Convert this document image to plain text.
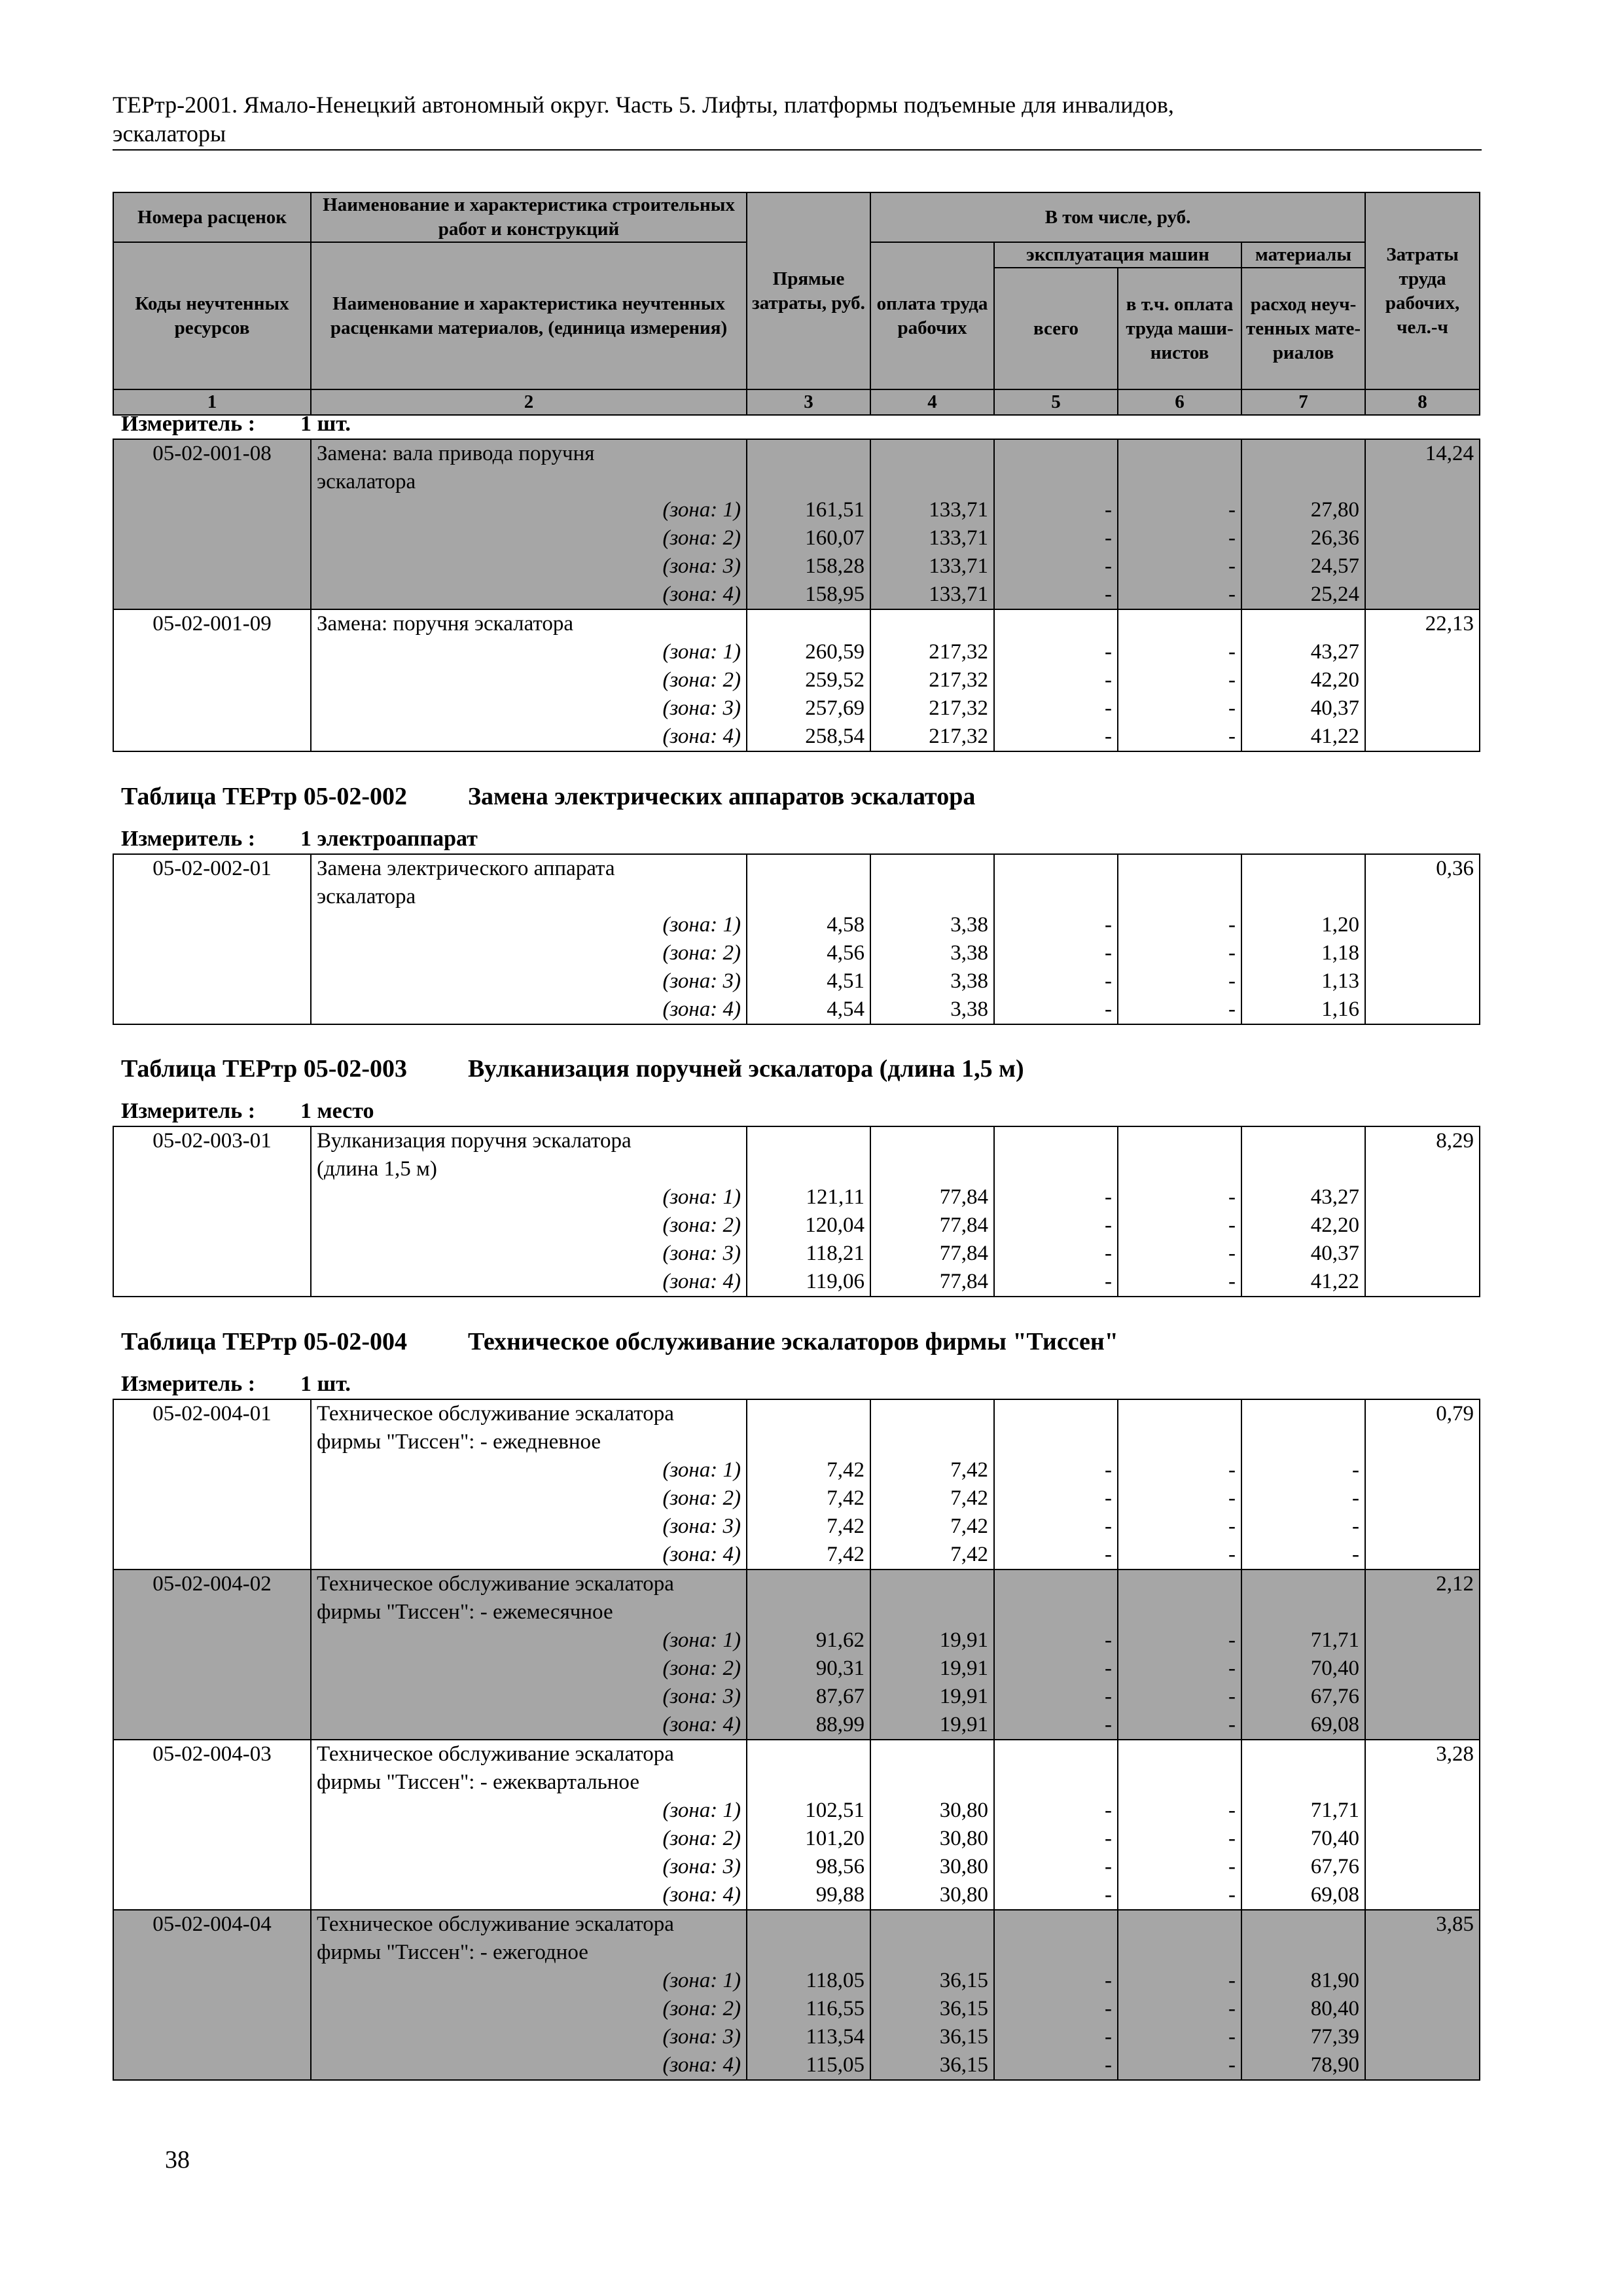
ТЕРтр-2001. Ямало-Ненецкий автономный округ. Часть 5. Лифты, платформы подъемные для инвалидов,
эскалаторы
Номера расценок	Наименование и характеристика строительных работ и конструкций	Прямые затраты, руб.	В том числе, руб.				Затраты труда рабочих, чел.-ч
Коды неучтенных ресурсов	Наименование и характеристика неучтенных расценками материалов, (единица измерения)		оплата труда рабочих	эксплуатация машин		материалы	
				всего	в т.ч. оплата труда маши-нистов	расход неуч-тенных мате-риалов	
1	2	3	4	5	6	7	8
Измеритель : 1 шт.
05-02-001-08	Замена: вала привода поручня						14,24
	эскалатора						
	(зона: 1)	161,51	133,71	-	-	27,80	
	(зона: 2)	160,07	133,71	-	-	26,36	
	(зона: 3)	158,28	133,71	-	-	24,57	
	(зона: 4)	158,95	133,71	-	-	25,24	
05-02-001-09	Замена: поручня эскалатора						22,13
	(зона: 1)	260,59	217,32	-	-	43,27	
	(зона: 2)	259,52	217,32	-	-	42,20	
	(зона: 3)	257,69	217,32	-	-	40,37	
	(зона: 4)	258,54	217,32	-	-	41,22	
Таблица ТЕРтр 05-02-002 Замена электрических аппаратов эскалатора
Измеритель : 1 электроаппарат
05-02-002-01	Замена электрического аппарата						0,36
	эскалатора						
	(зона: 1)	4,58	3,38	-	-	1,20	
	(зона: 2)	4,56	3,38	-	-	1,18	
	(зона: 3)	4,51	3,38	-	-	1,13	
	(зона: 4)	4,54	3,38	-	-	1,16	
Таблица ТЕРтр 05-02-003 Вулканизация поручней эскалатора (длина 1,5 м)
Измеритель : 1 место
05-02-003-01	Вулканизация поручня эскалатора						8,29
	(длина 1,5 м)						
	(зона: 1)	121,11	77,84	-	-	43,27	
	(зона: 2)	120,04	77,84	-	-	42,20	
	(зона: 3)	118,21	77,84	-	-	40,37	
	(зона: 4)	119,06	77,84	-	-	41,22	
Таблица ТЕРтр 05-02-004 Техническое обслуживание эскалаторов фирмы "Тиссен"
Измеритель : 1 шт.
05-02-004-01	Техническое обслуживание эскалатора						0,79
	фирмы "Тиссен": - ежедневное						
	(зона: 1)	7,42	7,42	-	-	-	
	(зона: 2)	7,42	7,42	-	-	-	
	(зона: 3)	7,42	7,42	-	-	-	
	(зона: 4)	7,42	7,42	-	-	-	
05-02-004-02	Техническое обслуживание эскалатора						2,12
	фирмы "Тиссен": - ежемесячное						
	(зона: 1)	91,62	19,91	-	-	71,71	
	(зона: 2)	90,31	19,91	-	-	70,40	
	(зона: 3)	87,67	19,91	-	-	67,76	
	(зона: 4)	88,99	19,91	-	-	69,08	
05-02-004-03	Техническое обслуживание эскалатора						3,28
	фирмы "Тиссен": - ежеквартальное						
	(зона: 1)	102,51	30,80	-	-	71,71	
	(зона: 2)	101,20	30,80	-	-	70,40	
	(зона: 3)	98,56	30,80	-	-	67,76	
	(зона: 4)	99,88	30,80	-	-	69,08	
05-02-004-04	Техническое обслуживание эскалатора						3,85
	фирмы "Тиссен": - ежегодное						
	(зона: 1)	118,05	36,15	-	-	81,90	
	(зона: 2)	116,55	36,15	-	-	80,40	
	(зона: 3)	113,54	36,15	-	-	77,39	
	(зона: 4)	115,05	36,15	-	-	78,90	
38
